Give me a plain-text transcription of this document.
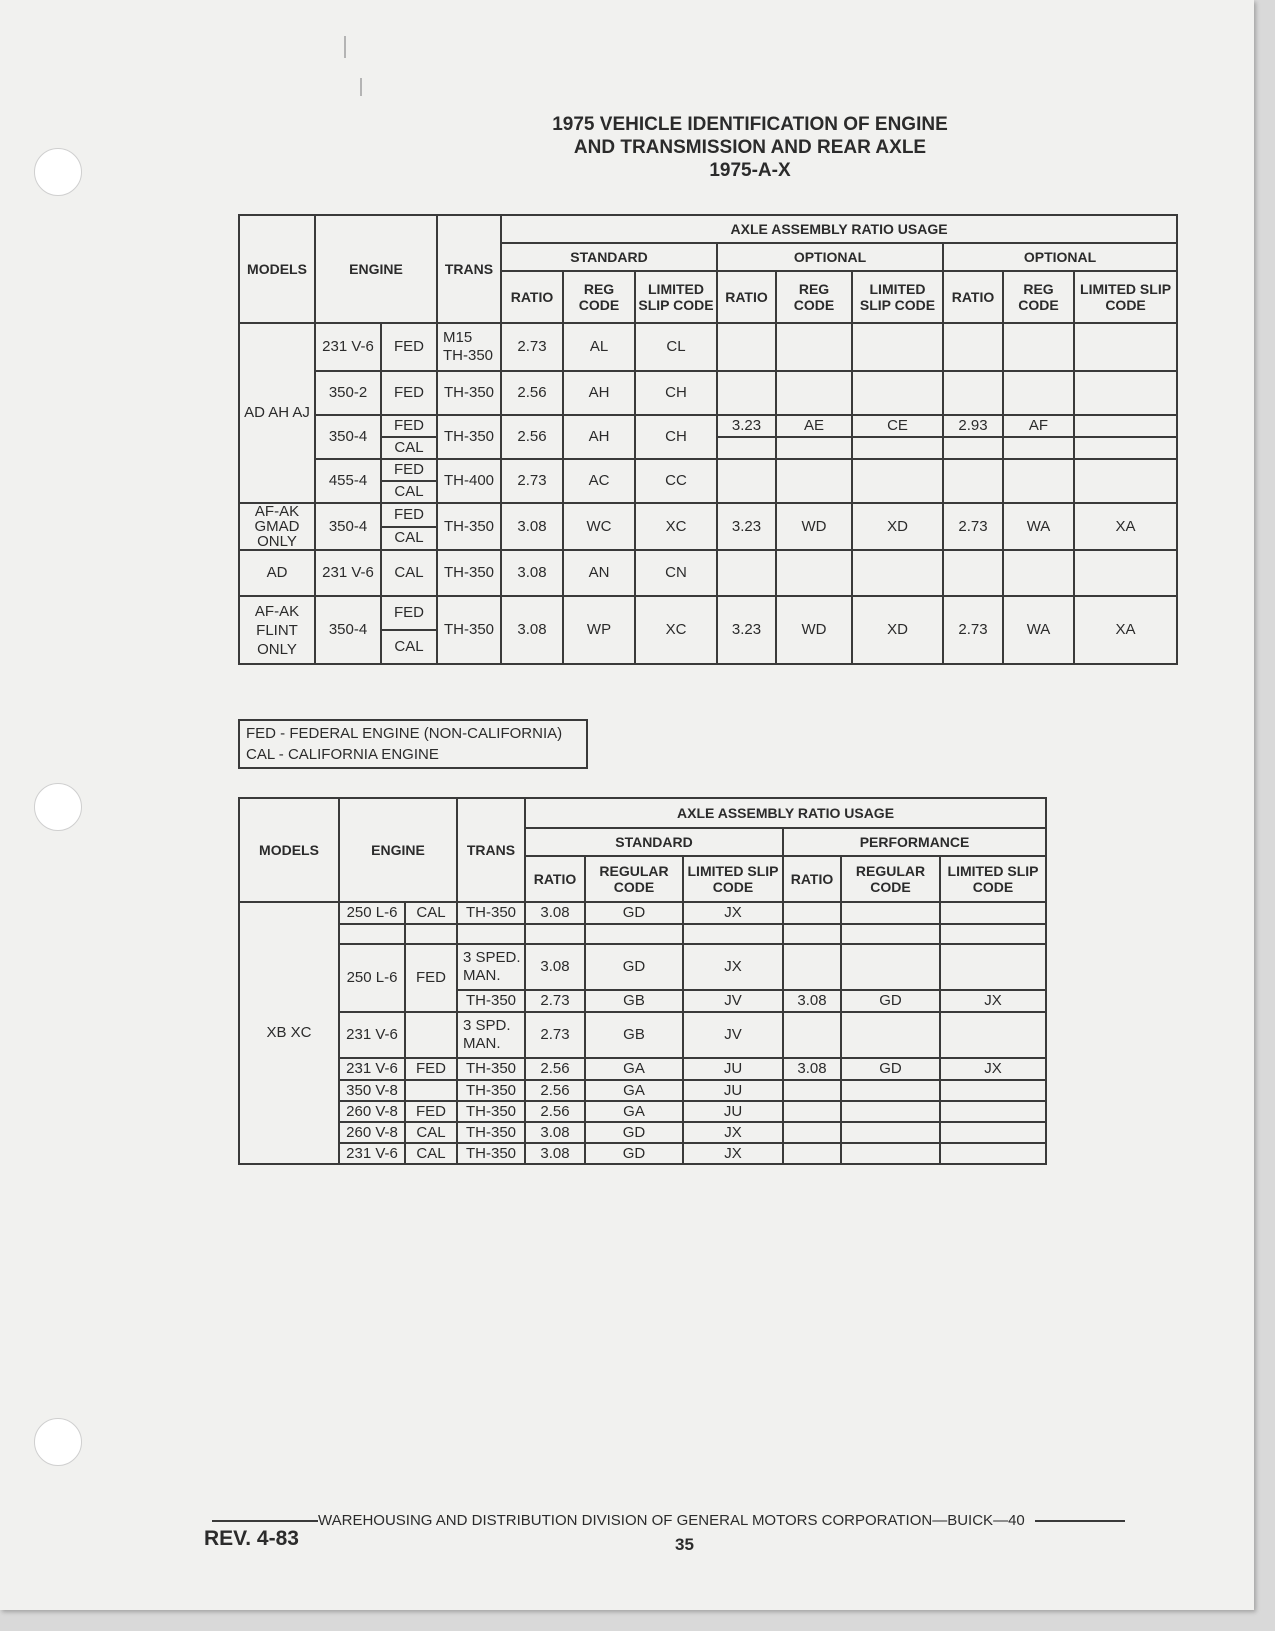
1975 VEHICLE IDENTIFICATION OF ENGINE
AND TRANSMISSION AND REAR AXLE
1975-A-X
MODELS	ENGINE		TRANS	AXLE ASSEMBLY RATIO USAGE								
				STANDARD			OPTIONAL			OPTIONAL		
				RATIO	REG CODE	LIMITED SLIP CODE	RATIO	REG CODE	LIMITED SLIP CODE	RATIO	REG CODE	LIMITED SLIP CODE
AD AH AJ	231 V-6	FED	M15 TH-350	2.73	AL	CL						
	350-2	FED	TH-350	2.56	AH	CH						
	350-4	FED	TH-350	2.56	AH	CH	3.23	AE	CE	2.93	AF	
		CAL										
	455-4	FED	TH-400	2.73	AC	CC						
		CAL										
AF-AK GMAD ONLY	350-4	FED	TH-350	3.08	WC	XC	3.23	WD	XD	2.73	WA	XA
		CAL										
AD	231 V-6	CAL	TH-350	3.08	AN	CN						
AF-AK FLINT ONLY	350-4	FED	TH-350	3.08	WP	XC	3.23	WD	XD	2.73	WA	XA
		CAL										
FED - FEDERAL ENGINE (NON-CALIFORNIA)
CAL - CALIFORNIA ENGINE
MODELS	ENGINE		TRANS	AXLE ASSEMBLY RATIO USAGE					
				STANDARD			PERFORMANCE		
				RATIO	REGULAR CODE	LIMITED SLIP CODE	RATIO	REGULAR CODE	LIMITED SLIP CODE
XB XC	250 L-6	CAL	TH-350	3.08	GD	JX			

	250 L-6	FED	3 SPED. MAN.	3.08	GD	JX			
			TH-350	2.73	GB	JV	3.08	GD	JX
	231 V-6		3 SPD. MAN.	2.73	GB	JV			
	231 V-6	FED	TH-350	2.56	GA	JU	3.08	GD	JX
	350 V-8		TH-350	2.56	GA	JU			
	260 V-8	FED	TH-350	2.56	GA	JU			
	260 V-8	CAL	TH-350	3.08	GD	JX			
	231 V-6	CAL	TH-350	3.08	GD	JX			
WAREHOUSING AND DISTRIBUTION DIVISION OF GENERAL MOTORS CORPORATION—BUICK—40
REV. 4-83	35
